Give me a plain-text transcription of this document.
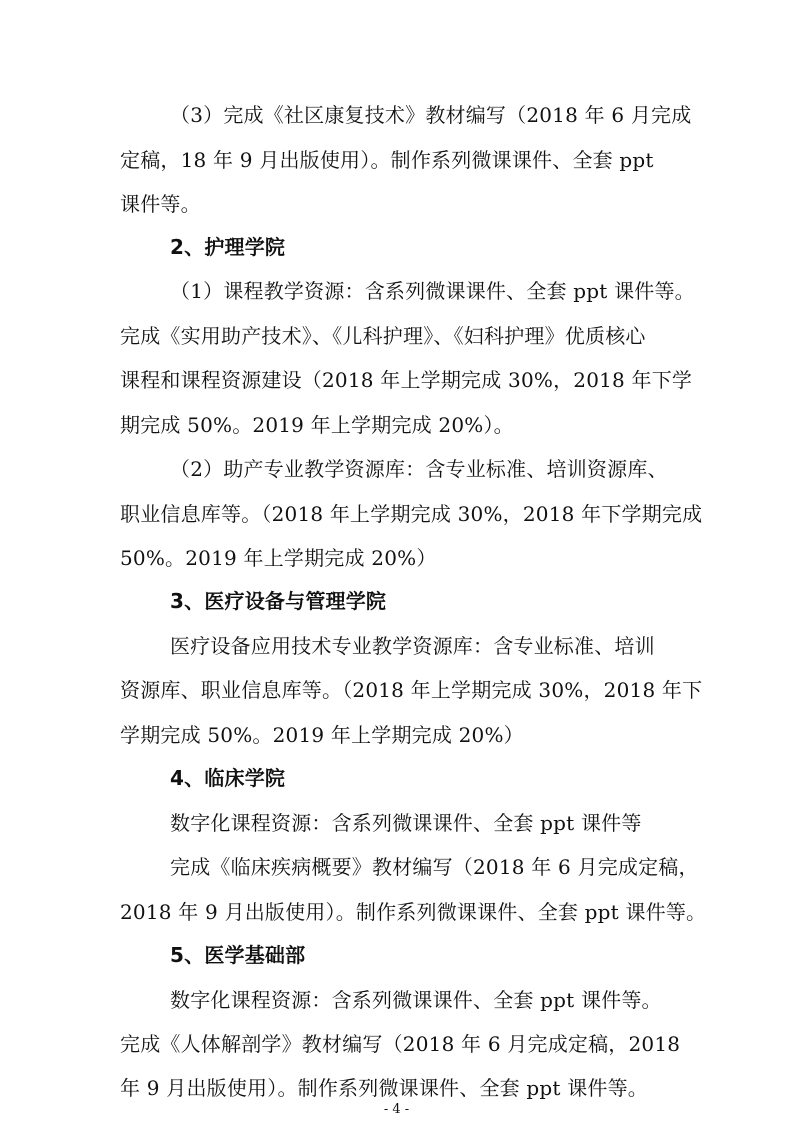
（3）完成《社区康复技术》教材编写（2018 年 6 月完成
定稿，18 年 9 月出版使用）。制作系列微课课件、全套 ppt
课件等。
2、护理学院
（1）课程教学资源：含系列微课课件、全套 ppt 课件等。
完成《实用助产技术》、《儿科护理》、《妇科护理》优质核心
课程和课程资源建设（2018 年上学期完成 30%，2018 年下学
期完成 50%。2019 年上学期完成 20%）。
（2）助产专业教学资源库：含专业标准、培训资源库、
职业信息库等。（2018 年上学期完成 30%，2018 年下学期完成
50%。2019 年上学期完成 20%）
3、医疗设备与管理学院
医疗设备应用技术专业教学资源库：含专业标准、培训
资源库、职业信息库等。（2018 年上学期完成 30%，2018 年下
学期完成 50%。2019 年上学期完成 20%）
4、临床学院
数字化课程资源：含系列微课课件、全套 ppt 课件等
完成《临床疾病概要》教材编写（2018 年 6 月完成定稿，
2018 年 9 月出版使用）。制作系列微课课件、全套 ppt 课件等。
5、医学基础部
数字化课程资源：含系列微课课件、全套 ppt 课件等。
完成《人体解剖学》教材编写（2018 年 6 月完成定稿，2018
年 9 月出版使用）。制作系列微课课件、全套 ppt 课件等。
- 4 -
